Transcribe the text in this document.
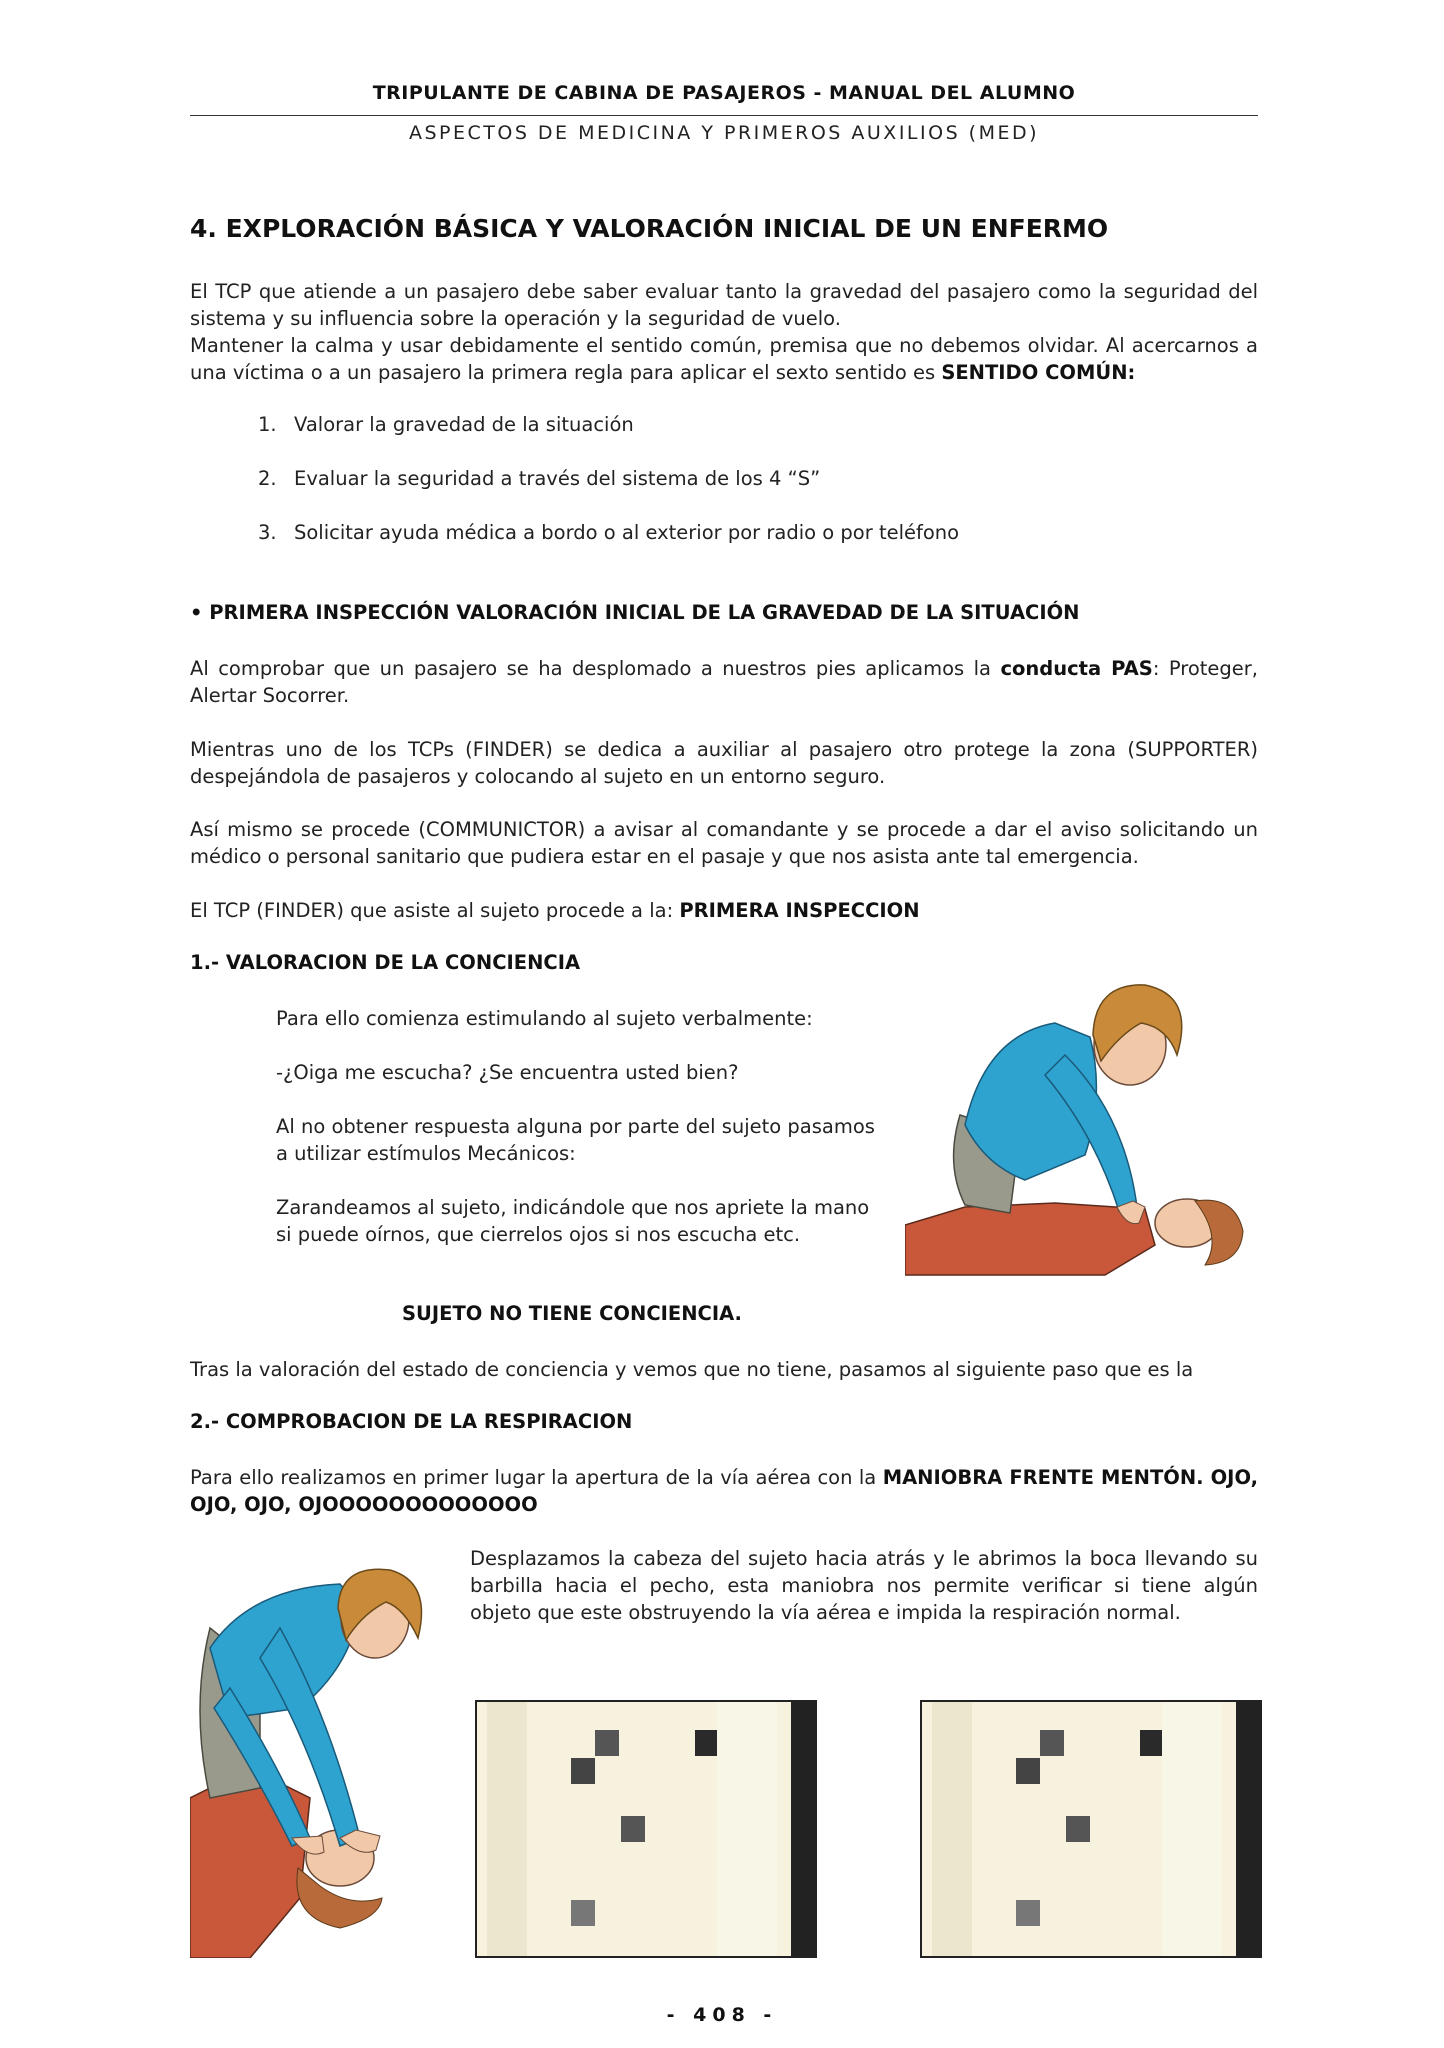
TRIPULANTE DE CABINA DE PASAJEROS - MANUAL DEL ALUMNO
ASPECTOS DE MEDICINA Y PRIMEROS AUXILIOS (MED)
4. EXPLORACIÓN BÁSICA Y VALORACIÓN INICIAL DE UN ENFERMO
El TCP que atiende a un pasajero debe saber evaluar tanto la gravedad del pasajero como la seguridad del sistema y su influencia sobre la operación y la seguridad de vuelo.
Mantener la calma y usar debidamente el sentido común, premisa que no debemos olvidar. Al acercarnos a una víctima o a un pasajero la primera regla para aplicar el sexto sentido es SENTIDO COMÚN:
1. Valorar la gravedad de la situación
2. Evaluar la seguridad a través del sistema de los 4 “S”
3. Solicitar ayuda médica a bordo o al exterior por radio o por teléfono
• PRIMERA INSPECCIÓN VALORACIÓN INICIAL DE LA GRAVEDAD DE LA SITUACIÓN
Al comprobar que un pasajero se ha desplomado a nuestros pies aplicamos la conducta PAS: Proteger, Alertar Socorrer.
Mientras uno de los TCPs (FINDER) se dedica a auxiliar al pasajero otro protege la zona (SUPPORTER) despejándola de pasajeros y colocando al sujeto en un entorno seguro.
Así mismo se procede (COMMUNICTOR) a avisar al comandante y se procede a dar el aviso solicitando un médico o personal sanitario que pudiera estar en el pasaje y que nos asista ante tal emergencia.
El TCP (FINDER) que asiste al sujeto procede a la: PRIMERA INSPECCION
1.- VALORACION DE LA CONCIENCIA
Para ello comienza estimulando al sujeto verbalmente:
-¿Oiga me escucha? ¿Se encuentra usted bien?
Al no obtener respuesta alguna por parte del sujeto pasamos a utilizar estímulos Mecánicos:
Zarandeamos al sujeto, indicándole que nos apriete la mano si puede oírnos, que cierrelos ojos si nos escucha etc.
SUJETO NO TIENE CONCIENCIA.
Tras la valoración del estado de conciencia y vemos que no tiene, pasamos al siguiente paso que es la
2.- COMPROBACION DE LA RESPIRACION
Para ello realizamos en primer lugar la apertura de la vía aérea con la MANIOBRA FRENTE MENTÓN. OJO, OJO, OJO, OJOOOOOOOOOOOOO
Desplazamos la cabeza del sujeto hacia atrás y le abrimos la boca llevando su barbilla hacia el pecho, esta maniobra nos permite verificar si tiene algún objeto que este obstruyendo la vía aérea e impida la respiración normal.
- 408 -
